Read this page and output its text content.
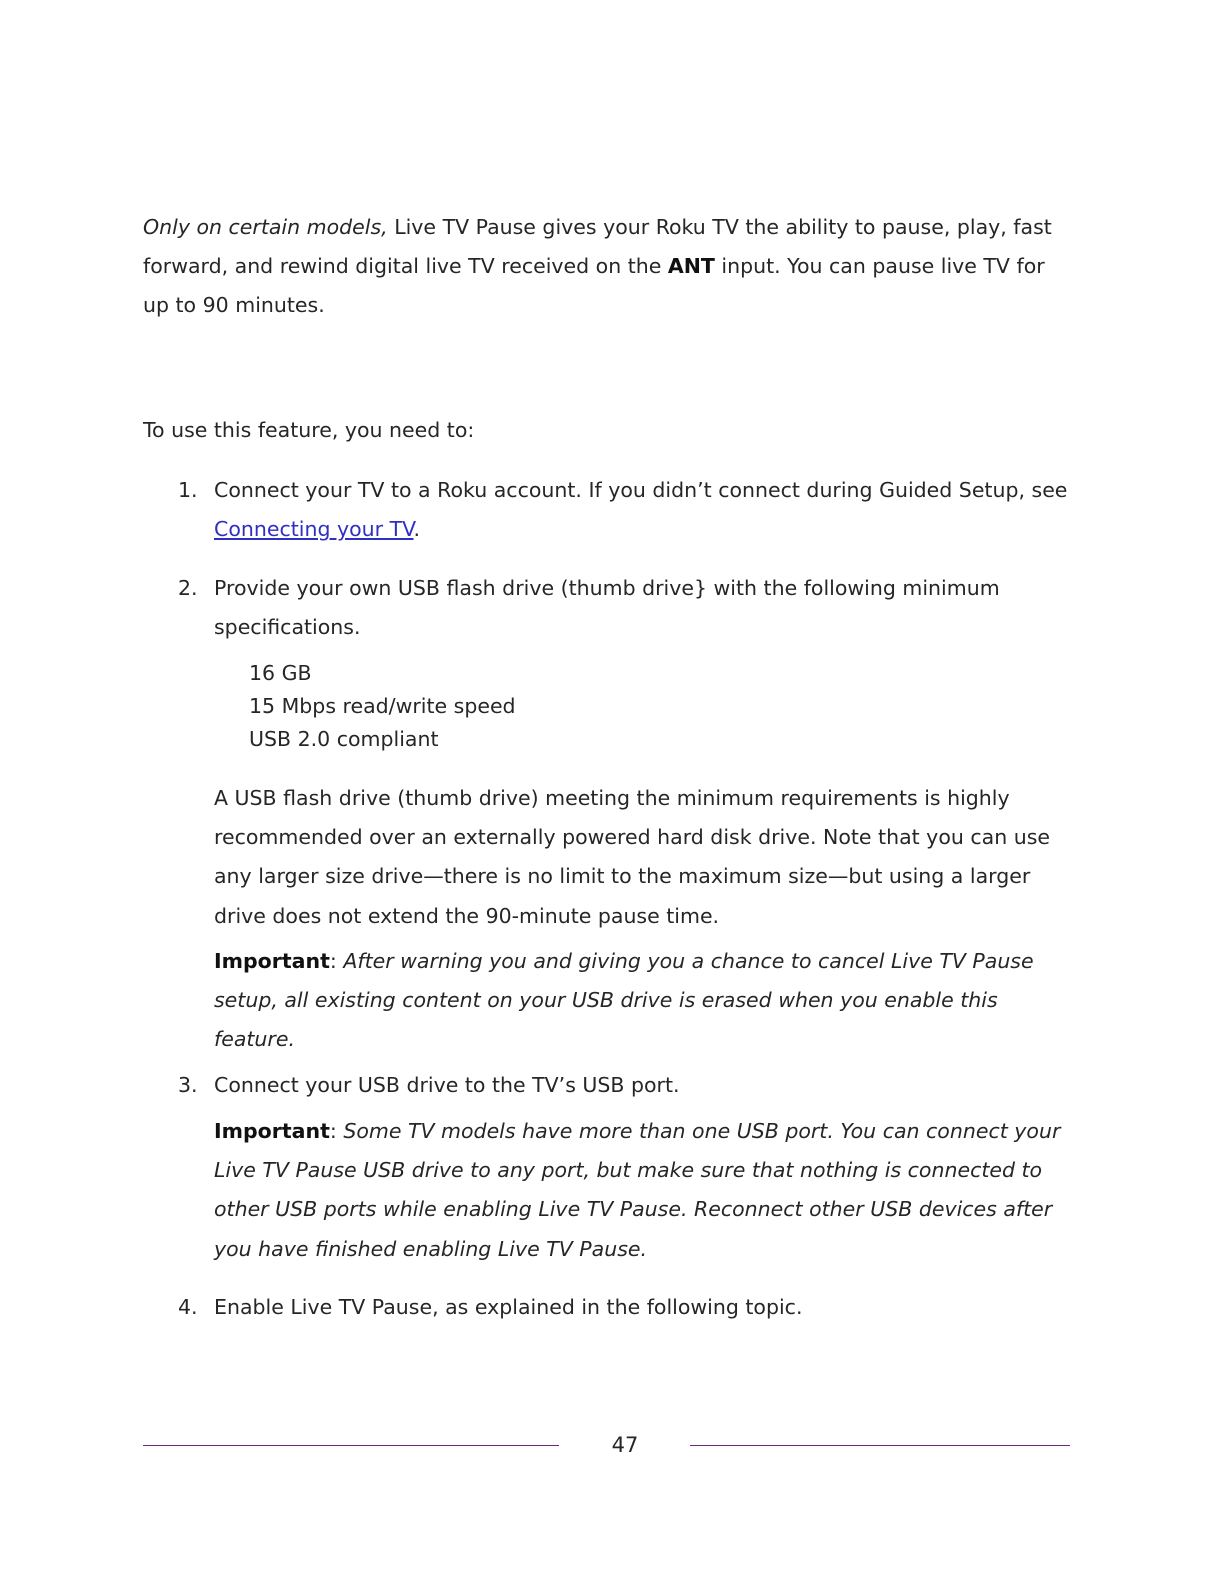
Only on certain models, Live TV Pause gives your Roku TV the ability to pause, play, fast forward, and rewind digital live TV received on the ANT input. You can pause live TV for up to 90 minutes.

To use this feature, you need to:

1. Connect your TV to a Roku account. If you didn’t connect during Guided Setup, see Connecting your TV.

2. Provide your own USB flash drive (thumb drive} with the following minimum specifications.

16 GB
15 Mbps read/write speed
USB 2.0 compliant

A USB flash drive (thumb drive) meeting the minimum requirements is highly recommended over an externally powered hard disk drive. Note that you can use any larger size drive—there is no limit to the maximum size—but using a larger drive does not extend the 90-minute pause time.

Important: After warning you and giving you a chance to cancel Live TV Pause setup, all existing content on your USB drive is erased when you enable this feature.

3. Connect your USB drive to the TV’s USB port.

Important: Some TV models have more than one USB port. You can connect your Live TV Pause USB drive to any port, but make sure that nothing is connected to other USB ports while enabling Live TV Pause. Reconnect other USB devices after you have finished enabling Live TV Pause.

4. Enable Live TV Pause, as explained in the following topic.

47
